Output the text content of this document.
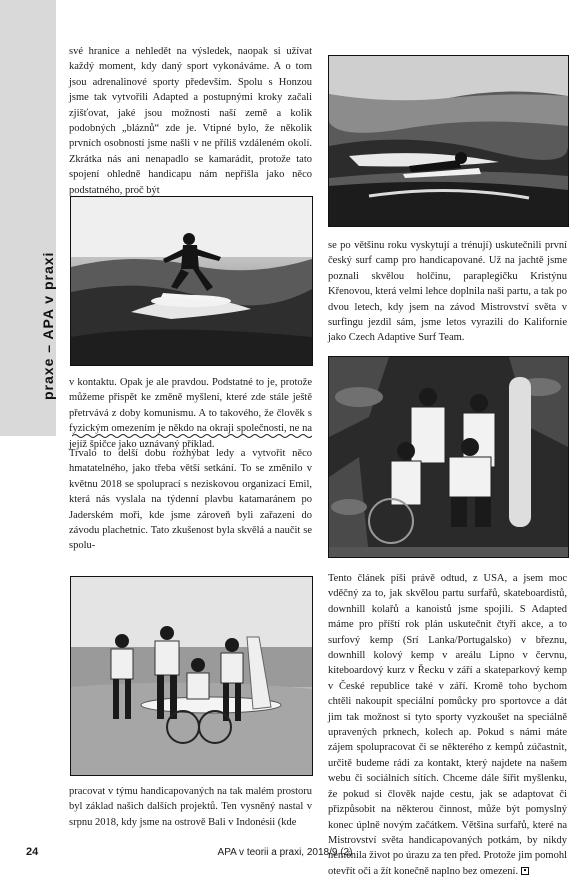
praxe – APA v praxi
své hranice a nehledět na výsledek, naopak si užívat každý moment, kdy daný sport vykonáváme. A o tom jsou adrenalinové sporty především. Spolu s Honzou jsme tak vytvořili Adapted a postupnými kroky začali zjišťovat, jaké jsou možnosti naší země a kolik podobných „bláznů“ zde je. Vtipné bylo, že několik prvních osobností jsme našli v ne příliš vzdáleném okolí. Zkrátka nás ani nenapadlo se kamarádit, protože tato spojení ohledně handicapu nám nepřišla jako něco podstatného, proč být
v kontaktu. Opak je ale pravdou. Podstatné to je, protože můžeme přispět ke změně myšlení, které zde stále ještě přetrvává z doby komunismu. A to takového, že člověk s fyzickým omezením je někdo na okraji společnosti, ne na jejíž špičce jako uznávaný příklad.
Trvalo to delší dobu rozhýbat ledy a vytvořit něco hmatatelného, jako třeba větší setkání. To se změnilo v květnu 2018 se spoluprací s neziskovou organizací Emil, která nás vyslala na týdenní plavbu katamaránem po Jaderském moři, kde jsme zároveň byli zařazeni do závodu plachetnic. Tato zkušenost byla skvělá a naučit se spolu-
pracovat v týmu handicapovaných na tak malém prostoru byl základ našich dalších projektů. Ten vysněný nastal v srpnu 2018, kdy jsme na ostrově Bali v Indonésii (kde
se po většinu roku vyskytují a trénují) uskutečnili první český surf camp pro handicapované. Už na jachtě jsme poznali skvělou holčinu, paraplegičku Kristýnu Křenovou, která velmi lehce doplnila naši partu, a tak po dvou letech, kdy jsem na závod Mistrovství světa v surfingu jezdil sám, jsme letos vyrazili do Kalifornie jako Czech Adaptive Surf Team.
Tento článek píši právě odtud, z USA, a jsem moc vděčný za to, jak skvělou partu surfařů, skateboardistů, downhill kolařů a kanoistů jsme spojili. S Adapted máme pro příští rok plán uskutečnit čtyři akce, a to surfový kemp (Srí Lanka/Portugalsko) v březnu, downhill kolový kemp v areálu Lipno v červnu, kiteboardový kurz v Řecku v září a skateparkový kemp v České republice také v září. Kromě toho bychom chtěli nakoupit speciální pomůcky pro sportovce a dát jim tak možnost si tyto sporty vyzkoušet na speciálně upravených prknech, kolech ap. Pokud s námi máte zájem spolupracovat či se některého z kempů zúčastnit, určitě budeme rádi za kontakt, který najdete na našem webu či sociálních sítích. Chceme dále šířit myšlenku, že pokud si člověk najde cestu, jak se adaptovat či přizpůsobit na některou činnost, může být pomyslný konec úplně novým začátkem. Většina surfařů, které na Mistrovství světa handicapovaných potkám, by nikdy neměnila život po úrazu za ten před. Protože jim pomohl otevřít oči a žít konečně naplno bez omezení.
24	APA v teorii a praxi, 2018/9 (2)
